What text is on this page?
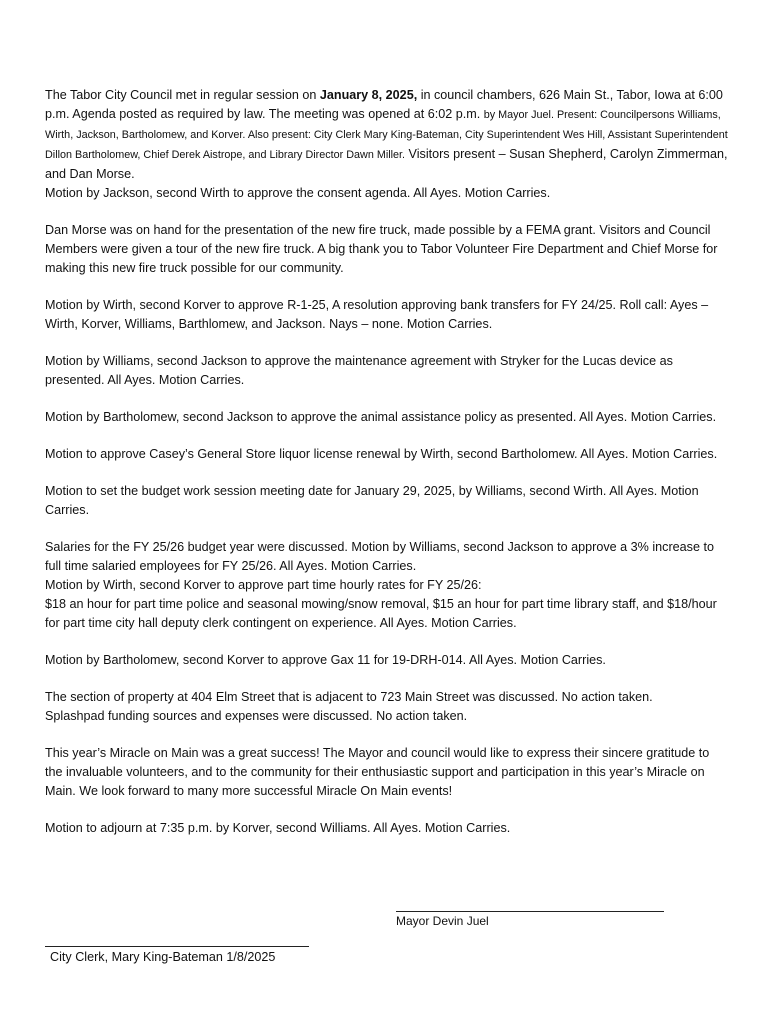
The Tabor City Council met in regular session on January 8, 2025, in council chambers, 626 Main St., Tabor, Iowa at 6:00 p.m. Agenda posted as required by law. The meeting was opened at 6:02 p.m. by Mayor Juel. Present: Councilpersons Williams, Wirth, Jackson, Bartholomew, and Korver. Also present: City Clerk Mary King-Bateman, City Superintendent Wes Hill, Assistant Superintendent Dillon Bartholomew, Chief Derek Aistrope, and Library Director Dawn Miller. Visitors present – Susan Shepherd, Carolyn Zimmerman, and Dan Morse.
Motion by Jackson, second Wirth to approve the consent agenda. All Ayes. Motion Carries.

Dan Morse was on hand for the presentation of the new fire truck, made possible by a FEMA grant. Visitors and Council Members were given a tour of the new fire truck. A big thank you to Tabor Volunteer Fire Department and Chief Morse for making this new fire truck possible for our community.

Motion by Wirth, second Korver to approve R-1-25, A resolution approving bank transfers for FY 24/25. Roll call: Ayes – Wirth, Korver, Williams, Barthlomew, and Jackson. Nays – none. Motion Carries.

Motion by Williams, second Jackson to approve the maintenance agreement with Stryker for the Lucas device as presented. All Ayes. Motion Carries.

Motion by Bartholomew, second Jackson to approve the animal assistance policy as presented. All Ayes. Motion Carries.

Motion to approve Casey’s General Store liquor license renewal by Wirth, second Bartholomew. All Ayes. Motion Carries.

Motion to set the budget work session meeting date for January 29, 2025, by Williams, second Wirth. All Ayes. Motion Carries.

Salaries for the FY 25/26 budget year were discussed. Motion by Williams, second Jackson to approve a 3% increase to full time salaried employees for FY 25/26. All Ayes. Motion Carries.
Motion by Wirth, second Korver to approve part time hourly rates for FY 25/26:
$18 an hour for part time police and seasonal mowing/snow removal, $15 an hour for part time library staff, and $18/hour for part time city hall deputy clerk contingent on experience. All Ayes. Motion Carries.

Motion by Bartholomew, second Korver to approve Gax 11 for 19-DRH-014. All Ayes. Motion Carries.

The section of property at 404 Elm Street that is adjacent to 723 Main Street was discussed. No action taken.
Splashpad funding sources and expenses were discussed. No action taken.

This year’s Miracle on Main was a great success! The Mayor and council would like to express their sincere gratitude to the invaluable volunteers, and to the community for their enthusiastic support and participation in this year’s Miracle on Main. We look forward to many more successful Miracle On Main events!

Motion to adjourn at 7:35 p.m. by Korver, second Williams. All Ayes. Motion Carries.

Mayor Devin Juel
City Clerk, Mary King-Bateman 1/8/2025
